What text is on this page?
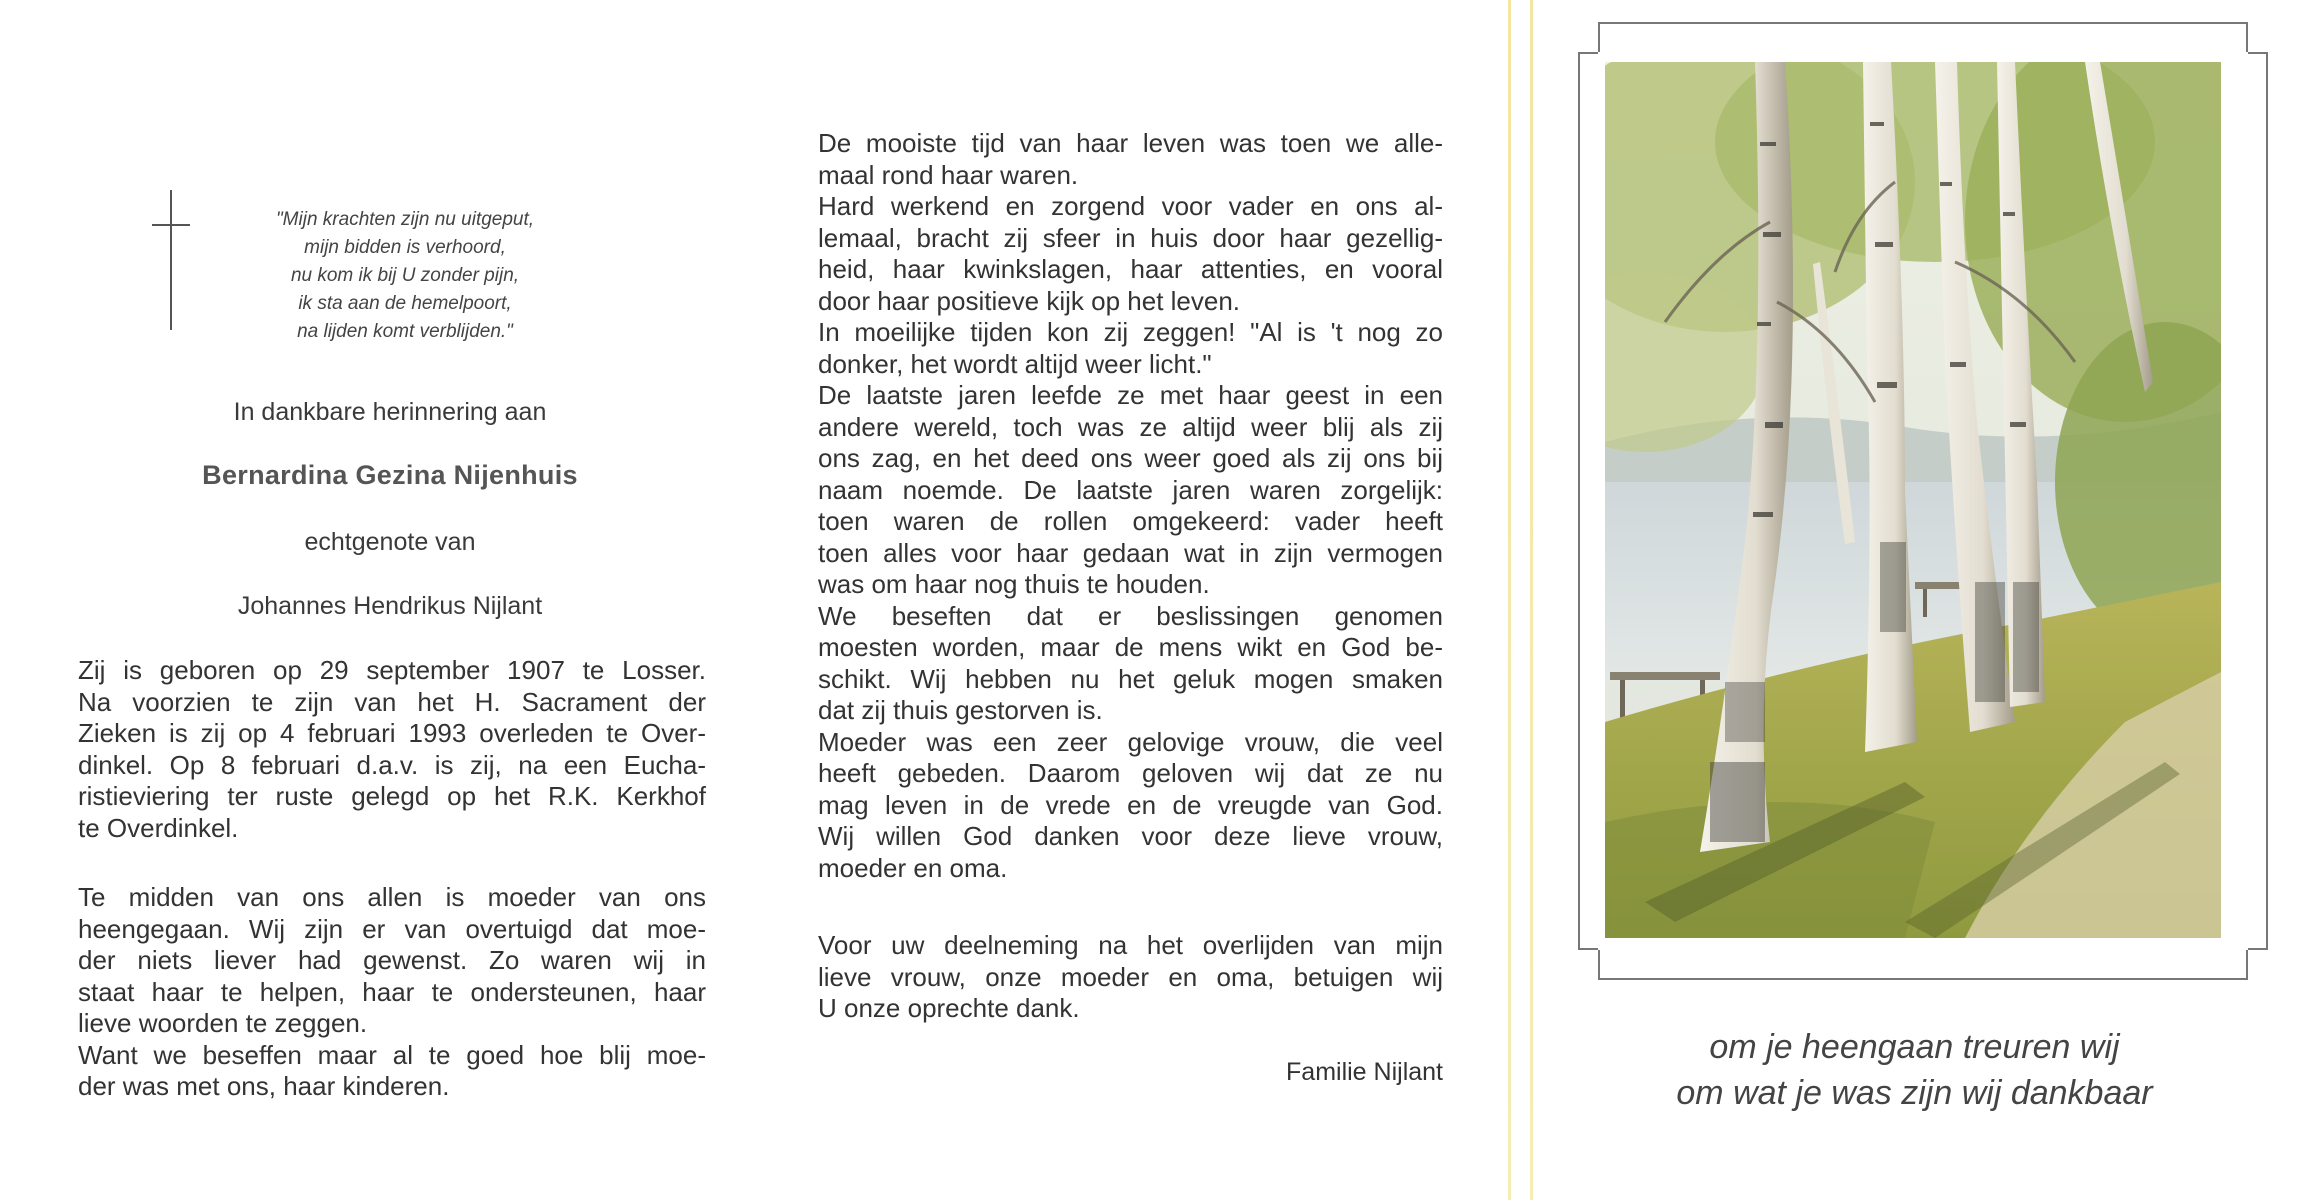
"Mijn krachten zijn nu uitgeput,
mijn bidden is verhoord,
nu kom ik bij U zonder pijn,
ik sta aan de hemelpoort,
na lijden komt verblijden."
In dankbare herinnering aan
Bernardina Gezina Nijenhuis
echtgenote van
Johannes Hendrikus Nijlant
Zij is geboren op 29 september 1907 te Losser.
Na voorzien te zijn van het H. Sacrament der
Zieken is zij op 4 februari 1993 overleden te Over-
dinkel. Op 8 februari d.a.v. is zij, na een Eucha-
ristieviering ter ruste gelegd op het R.K. Kerkhof
te Overdinkel.
Te midden van ons allen is moeder van ons
heengegaan. Wij zijn er van overtuigd dat moe-
der niets liever had gewenst. Zo waren wij in
staat haar te helpen, haar te ondersteunen, haar
lieve woorden te zeggen.
Want we beseffen maar al te goed hoe blij moe-
der was met ons, haar kinderen.
De mooiste tijd van haar leven was toen we alle-
maal rond haar waren.
Hard werkend en zorgend voor vader en ons al-
lemaal, bracht zij sfeer in huis door haar gezellig-
heid, haar kwinkslagen, haar attenties, en vooral
door haar positieve kijk op het leven.
In moeilijke tijden kon zij zeggen! "Al is 't nog zo
donker, het wordt altijd weer licht."
De laatste jaren leefde ze met haar geest in een
andere wereld, toch was ze altijd weer blij als zij
ons zag, en het deed ons weer goed als zij ons bij
naam noemde. De laatste jaren waren zorgelijk:
toen waren de rollen omgekeerd: vader heeft
toen alles voor haar gedaan wat in zijn vermogen
was om haar nog thuis te houden.
We beseften dat er beslissingen genomen
moesten worden, maar de mens wikt en God be-
schikt. Wij hebben nu het geluk mogen smaken
dat zij thuis gestorven is.
Moeder was een zeer gelovige vrouw, die veel
heeft gebeden. Daarom geloven wij dat ze nu
mag leven in de vrede en de vreugde van God.
Wij willen God danken voor deze lieve vrouw,
moeder en oma.
Voor uw deelneming na het overlijden van mijn
lieve vrouw, onze moeder en oma, betuigen wij
U onze oprechte dank.
Familie Nijlant
om je heengaan treuren wij
om wat je was zijn wij dankbaar
